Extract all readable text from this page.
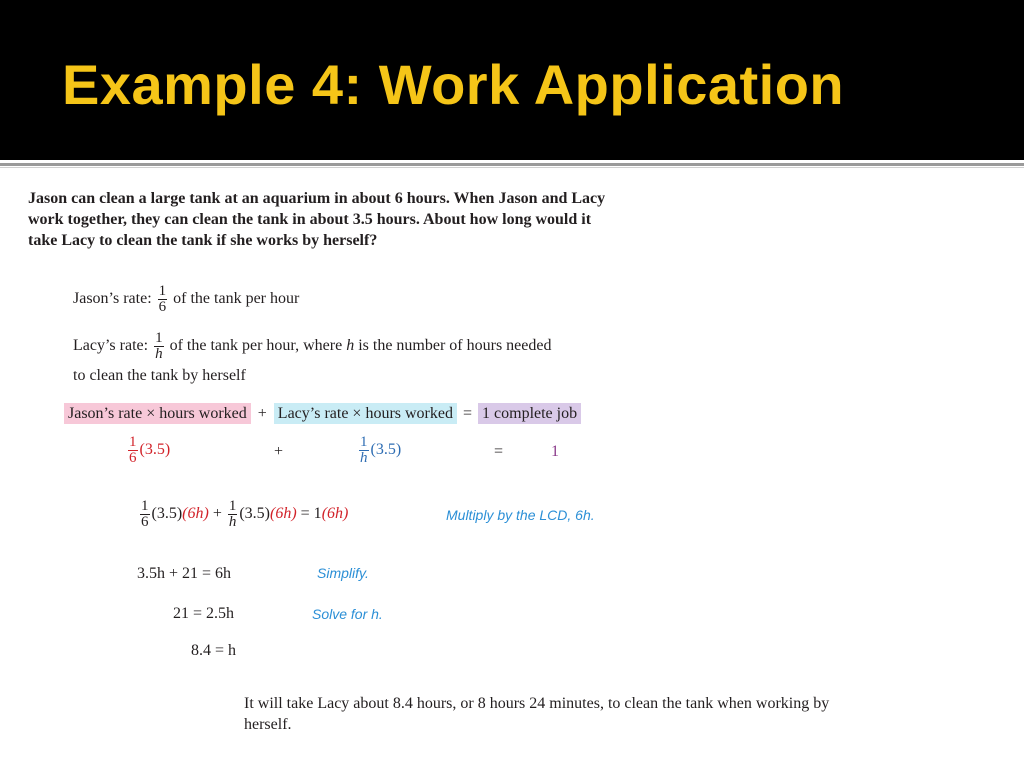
Example 4: Work Application
Jason can clean a large tank at an aquarium in about 6 hours. When Jason and Lacy work together, they can clean the tank in about 3.5 hours. About how long would it take Lacy to clean the tank if she works by herself?
Jason’s rate: $\frac{1}{6}$ of the tank per hour
Lacy’s rate: $\frac{1}{h}$ of the tank per hour, where h is the number of hours needed
to clean the tank by herself
Jason’s rate × hours worked + Lacy’s rate × hours worked = 1 complete job
$\frac{1}{6} (3.5)$	+	$\frac{1}{h} (3.5)$	=	1
$\frac{1}{6} (3.5)(6h) + \frac{1}{h} (3.5)(6h) = 1(6h)$	Multiply by the LCD, 6h.
3.5h + 21 = 6h	Simplify.
21 = 2.5h	Solve for h.
8.4 = h
It will take Lacy about 8.4 hours, or 8 hours 24 minutes, to clean the tank when working by herself.
